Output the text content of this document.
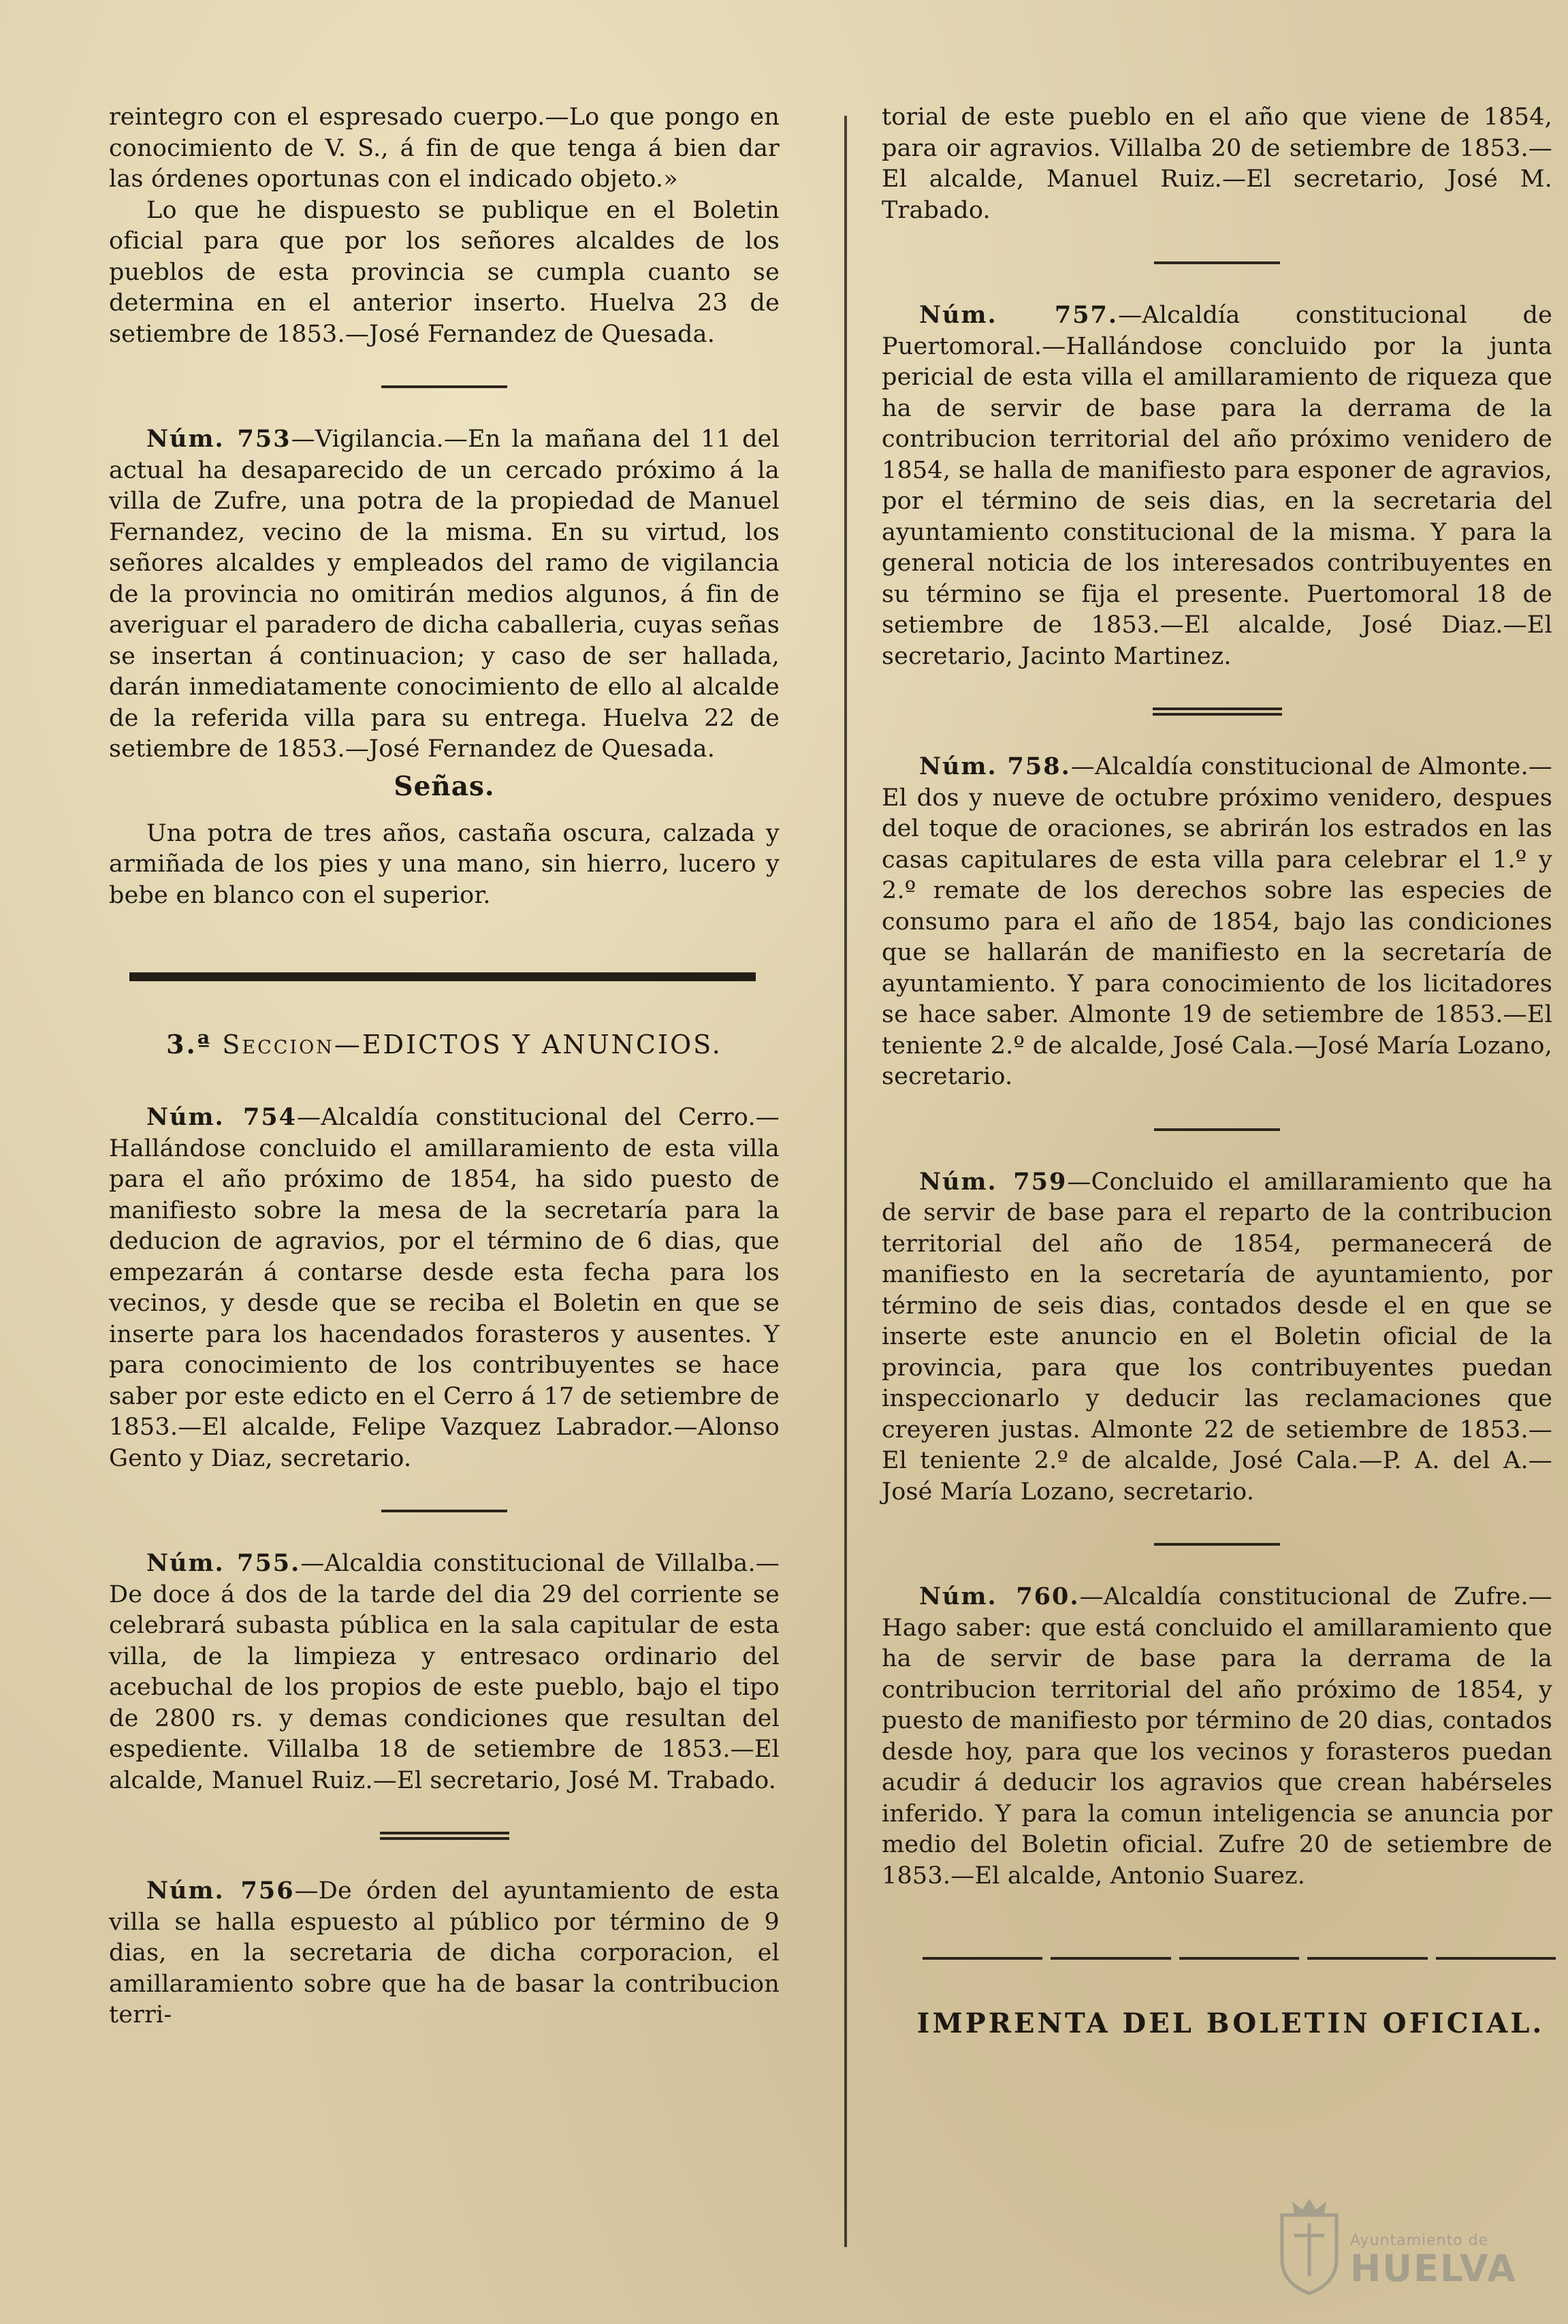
reintegro con el espresado cuerpo.—Lo que pongo en conocimiento de V. S., á fin de que tenga á bien dar las órdenes oportunas con el indicado objeto.»

Lo que he dispuesto se publique en el Boletin oficial para que por los señores alcaldes de los pueblos de esta provincia se cumpla cuanto se determina en el anterior inserto. Huelva 23 de setiembre de 1853.—José Fernandez de Quesada.

Núm. 753—Vigilancia.—En la mañana del 11 del actual ha desaparecido de un cercado próximo á la villa de Zufre, una potra de la propiedad de Manuel Fernandez, vecino de la misma. En su virtud, los señores alcaldes y empleados del ramo de vigilancia de la provincia no omitirán medios algunos, á fin de averiguar el paradero de dicha caballeria, cuyas señas se insertan á continuacion; y caso de ser hallada, darán inmediatamente conocimiento de ello al alcalde de la referida villa para su entrega. Huelva 22 de setiembre de 1853.—José Fernandez de Quesada.

Señas.

Una potra de tres años, castaña oscura, calzada y armiñada de los pies y una mano, sin hierro, lucero y bebe en blanco con el superior.

3.ª Seccion—EDICTOS Y ANUNCIOS.

Núm. 754—Alcaldía constitucional del Cerro.—Hallándose concluido el amillaramiento de esta villa para el año próximo de 1854, ha sido puesto de manifiesto sobre la mesa de la secretaría para la deducion de agravios, por el término de 6 dias, que empezarán á contarse desde esta fecha para los vecinos, y desde que se reciba el Boletin en que se inserte para los hacendados forasteros y ausentes. Y para conocimiento de los contribuyentes se hace saber por este edicto en el Cerro á 17 de setiembre de 1853.—El alcalde, Felipe Vazquez Labrador.—Alonso Gento y Diaz, secretario.

Núm. 755.—Alcaldia constitucional de Villalba.—De doce á dos de la tarde del dia 29 del corriente se celebrará subasta pública en la sala capitular de esta villa, de la limpieza y entresaco ordinario del acebuchal de los propios de este pueblo, bajo el tipo de 2800 rs. y demas condiciones que resultan del espediente. Villalba 18 de setiembre de 1853.—El alcalde, Manuel Ruiz.—El secretario, José M. Trabado.

Núm. 756—De órden del ayuntamiento de esta villa se halla espuesto al público por término de 9 dias, en la secretaria de dicha corporacion, el amillaramiento sobre que ha de basar la contribucion terri-

torial de este pueblo en el año que viene de 1854, para oir agravios. Villalba 20 de setiembre de 1853.—El alcalde, Manuel Ruiz.—El secretario, José M. Trabado.

Núm. 757.—Alcaldía constitucional de Puertomoral.—Hallándose concluido por la junta pericial de esta villa el amillaramiento de riqueza que ha de servir de base para la derrama de la contribucion territorial del año próximo venidero de 1854, se halla de manifiesto para esponer de agravios, por el término de seis dias, en la secretaria del ayuntamiento constitucional de la misma. Y para la general noticia de los interesados contribuyentes en su término se fija el presente. Puertomoral 18 de setiembre de 1853.—El alcalde, José Diaz.—El secretario, Jacinto Martinez.

Núm. 758.—Alcaldía constitucional de Almonte.—El dos y nueve de octubre próximo venidero, despues del toque de oraciones, se abrirán los estrados en las casas capitulares de esta villa para celebrar el 1.º y 2.º remate de los derechos sobre las especies de consumo para el año de 1854, bajo las condiciones que se hallarán de manifiesto en la secretaría de ayuntamiento. Y para conocimiento de los licitadores se hace saber. Almonte 19 de setiembre de 1853.—El teniente 2.º de alcalde, José Cala.—José María Lozano, secretario.

Núm. 759—Concluido el amillaramiento que ha de servir de base para el reparto de la contribucion territorial del año de 1854, permanecerá de manifiesto en la secretaría de ayuntamiento, por término de seis dias, contados desde el en que se inserte este anuncio en el Boletin oficial de la provincia, para que los contribuyentes puedan inspeccionarlo y deducir las reclamaciones que creyeren justas. Almonte 22 de setiembre de 1853.—El teniente 2.º de alcalde, José Cala.—P. A. del A.—José María Lozano, secretario.

Núm. 760.—Alcaldía constitucional de Zufre.—Hago saber: que está concluido el amillaramiento que ha de servir de base para la derrama de la contribucion territorial del año próximo de 1854, y puesto de manifiesto por término de 20 dias, contados desde hoy, para que los vecinos y forasteros puedan acudir á deducir los agravios que crean habérseles inferido. Y para la comun inteligencia se anuncia por medio del Boletin oficial. Zufre 20 de setiembre de 1853.—El alcalde, Antonio Suarez.

IMPRENTA DEL BOLETIN OFICIAL.
Ayuntamiento de
HUELVA
